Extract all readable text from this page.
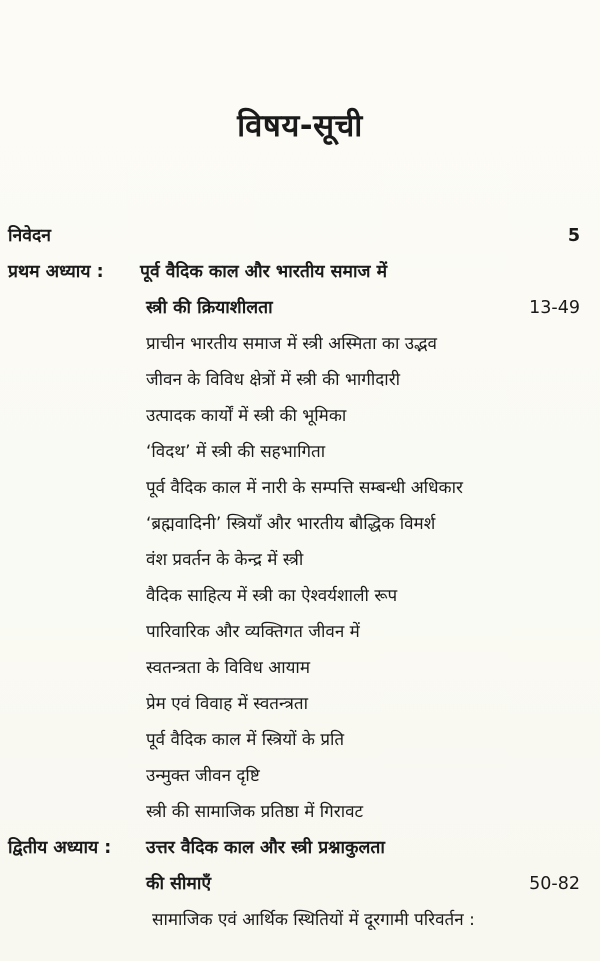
विषय-सूची
निवेदन	5
प्रथम अध्याय : पूर्व वैदिक काल और भारतीय समाज में
स्त्री की क्रियाशीलता	13-49
प्राचीन भारतीय समाज में स्त्री अस्मिता का उद्भव
जीवन के विविध क्षेत्रों में स्त्री की भागीदारी
उत्पादक कार्यों में स्त्री की भूमिका
‘विदथ’ में स्त्री की सहभागिता
पूर्व वैदिक काल में नारी के सम्पत्ति सम्बन्धी अधिकार
‘ब्रह्मवादिनी’ स्त्रियाँ और भारतीय बौद्धिक विमर्श
वंश प्रवर्तन के केन्द्र में स्त्री
वैदिक साहित्य में स्त्री का ऐश्वर्यशाली रूप
पारिवारिक और व्यक्तिगत जीवन में
स्वतन्त्रता के विविध आयाम
प्रेम एवं विवाह में स्वतन्त्रता
पूर्व वैदिक काल में स्त्रियों के प्रति
उन्मुक्त जीवन दृष्टि
स्त्री की सामाजिक प्रतिष्ठा में गिरावट
द्वितीय अध्याय : उत्तर वैदिक काल और स्त्री प्रश्नाकुलता
की सीमाएँ	50-82
सामाजिक एवं आर्थिक स्थितियों में दूरगामी परिवर्तन :
